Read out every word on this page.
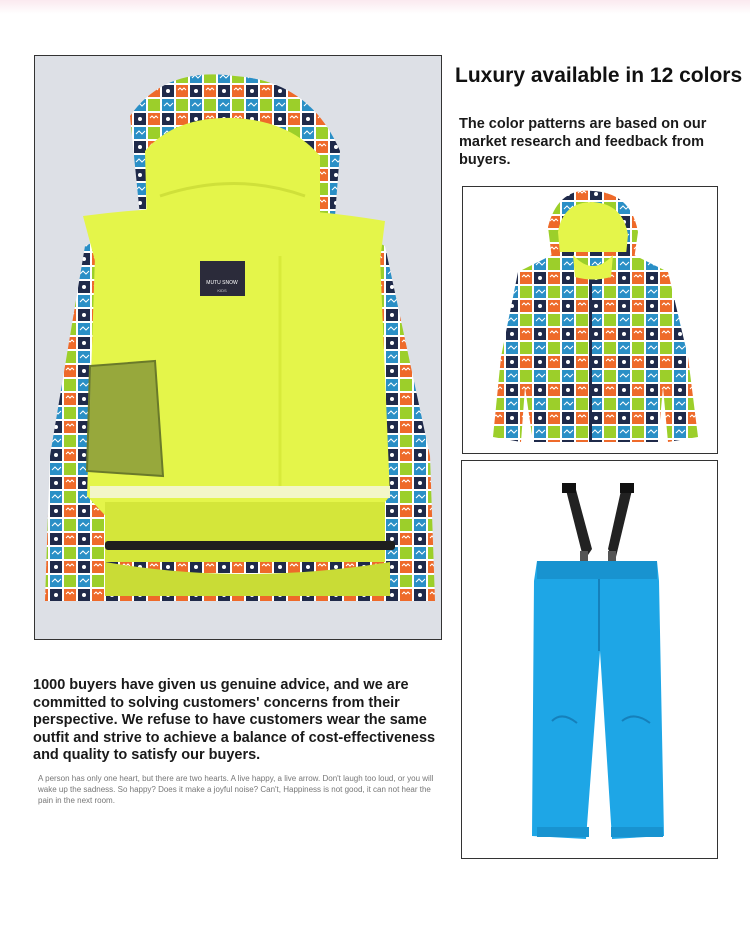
MUTU SNOW
KIDS
Luxury available in 12 colors
The color patterns are based on our market research and feedback from buyers.
1000 buyers have given us genuine advice, and we are committed to solving customers' concerns from their perspective. We refuse to have customers wear the same outfit and strive to achieve a balance of cost-effectiveness and quality to satisfy our buyers.
A person has only one heart, but there are two hearts. A live happy, a live arrow. Don't laugh too loud, or you will wake up the sadness. So happy? Does it make a joyful noise? Can't, Happiness is not good, it can not hear the pain in the next room.
